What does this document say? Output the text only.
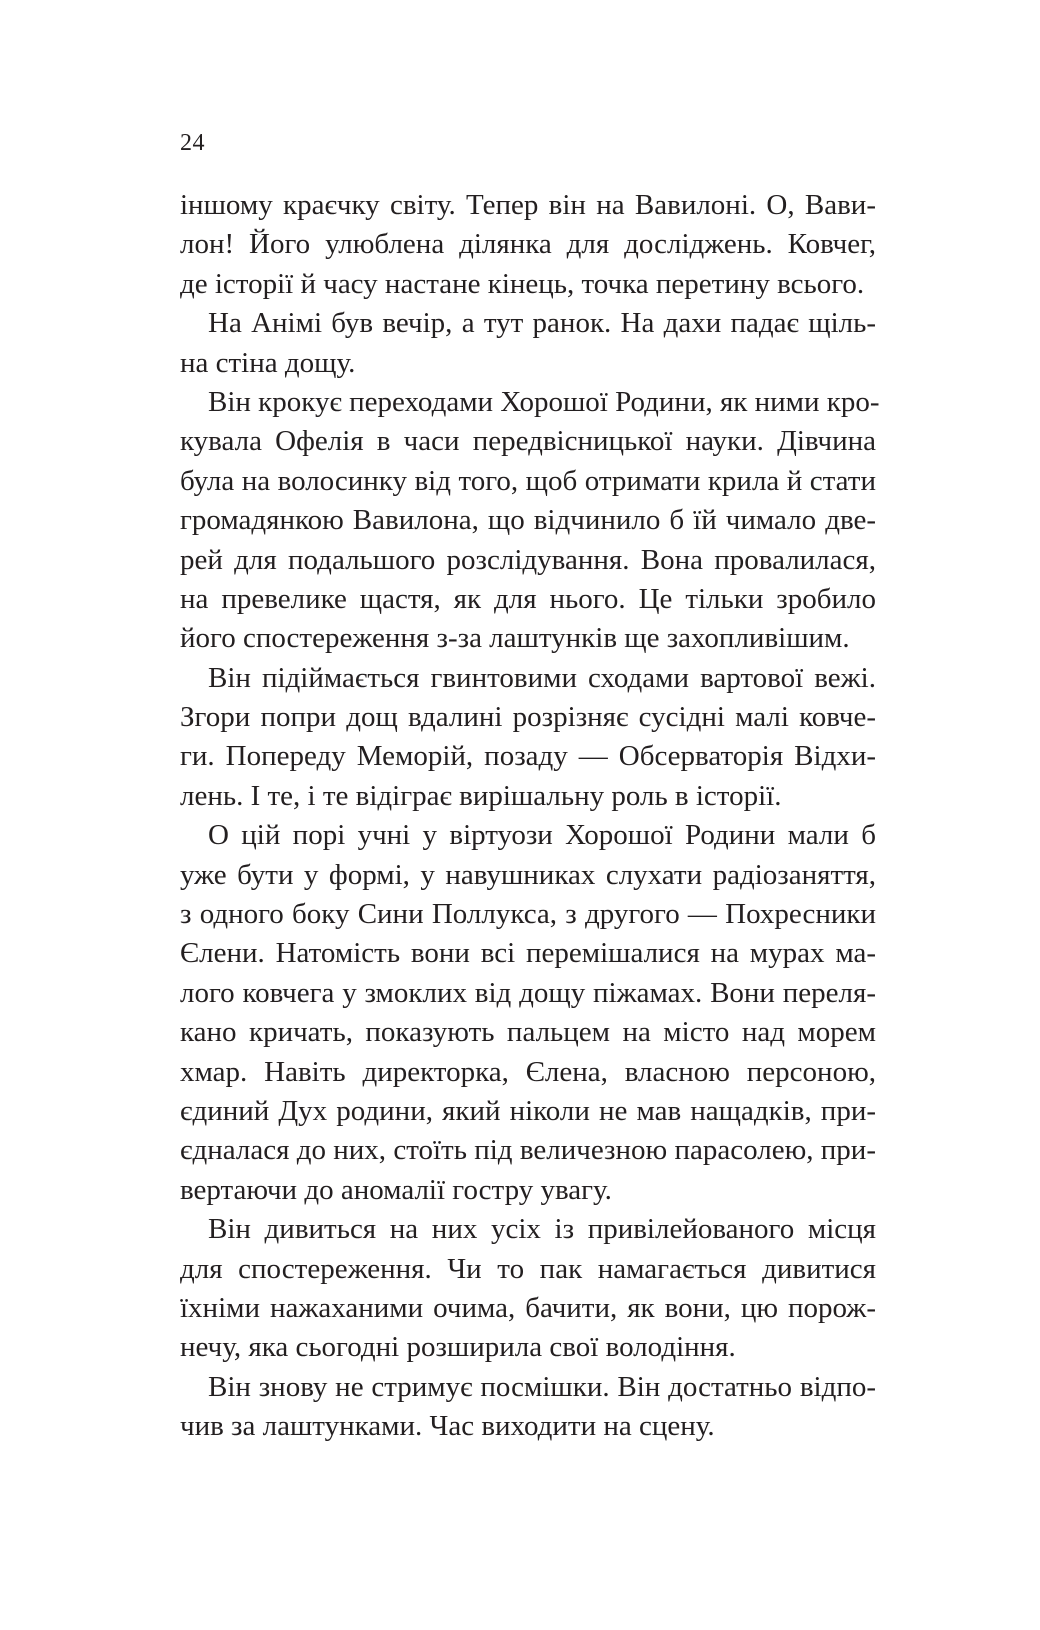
24
іншому краєчку світу. Тепер він на Вавилоні. О, Вави-
лон! Його улюблена ділянка для досліджень. Ковчег,
де історії й часу настане кінець, точка перетину всього.
На Анімі був вечір, а тут ранок. На дахи падає щіль-
на стіна дощу.
Він крокує переходами Хорошої Родини, як ними кро-
кувала Офелія в часи передвісницької науки. Дівчина
була на волосинку від того, щоб отримати крила й стати
громадянкою Вавилона, що відчинило б їй чимало две-
рей для подальшого розслідування. Вона провалилася,
на превелике щастя, як для нього. Це тільки зробило
його спостереження з-за лаштунків ще захопливішим.
Він підіймається гвинтовими сходами вартової вежі.
Згори попри дощ вдалині розрізняє сусідні малі ковче-
ги. Попереду Меморій, позаду — Обсерваторія Відхи-
лень. І те, і те відіграє вирішальну роль в історії.
О цій порі учні у віртуози Хорошої Родини мали б
уже бути у формі, у навушниках слухати радіозаняття,
з одного боку Сини Поллукса, з другого — Похресники
Єлени. Натомість вони всі перемішалися на мурах ма-
лого ковчега у змоклих від дощу піжамах. Вони переля-
кано кричать, показують пальцем на місто над морем
хмар. Навіть директорка, Єлена, власною персоною,
єдиний Дух родини, який ніколи не мав нащадків, при-
єдналася до них, стоїть під величезною парасолею, при-
вертаючи до аномалії гостру увагу.
Він дивиться на них усіх із привілейованого місця
для спостереження. Чи то пак намагається дивитися
їхніми нажаханими очима, бачити, як вони, цю порож-
нечу, яка сьогодні розширила свої володіння.
Він знову не стримує посмішки. Він достатньо відпо-
чив за лаштунками. Час виходити на сцену.
